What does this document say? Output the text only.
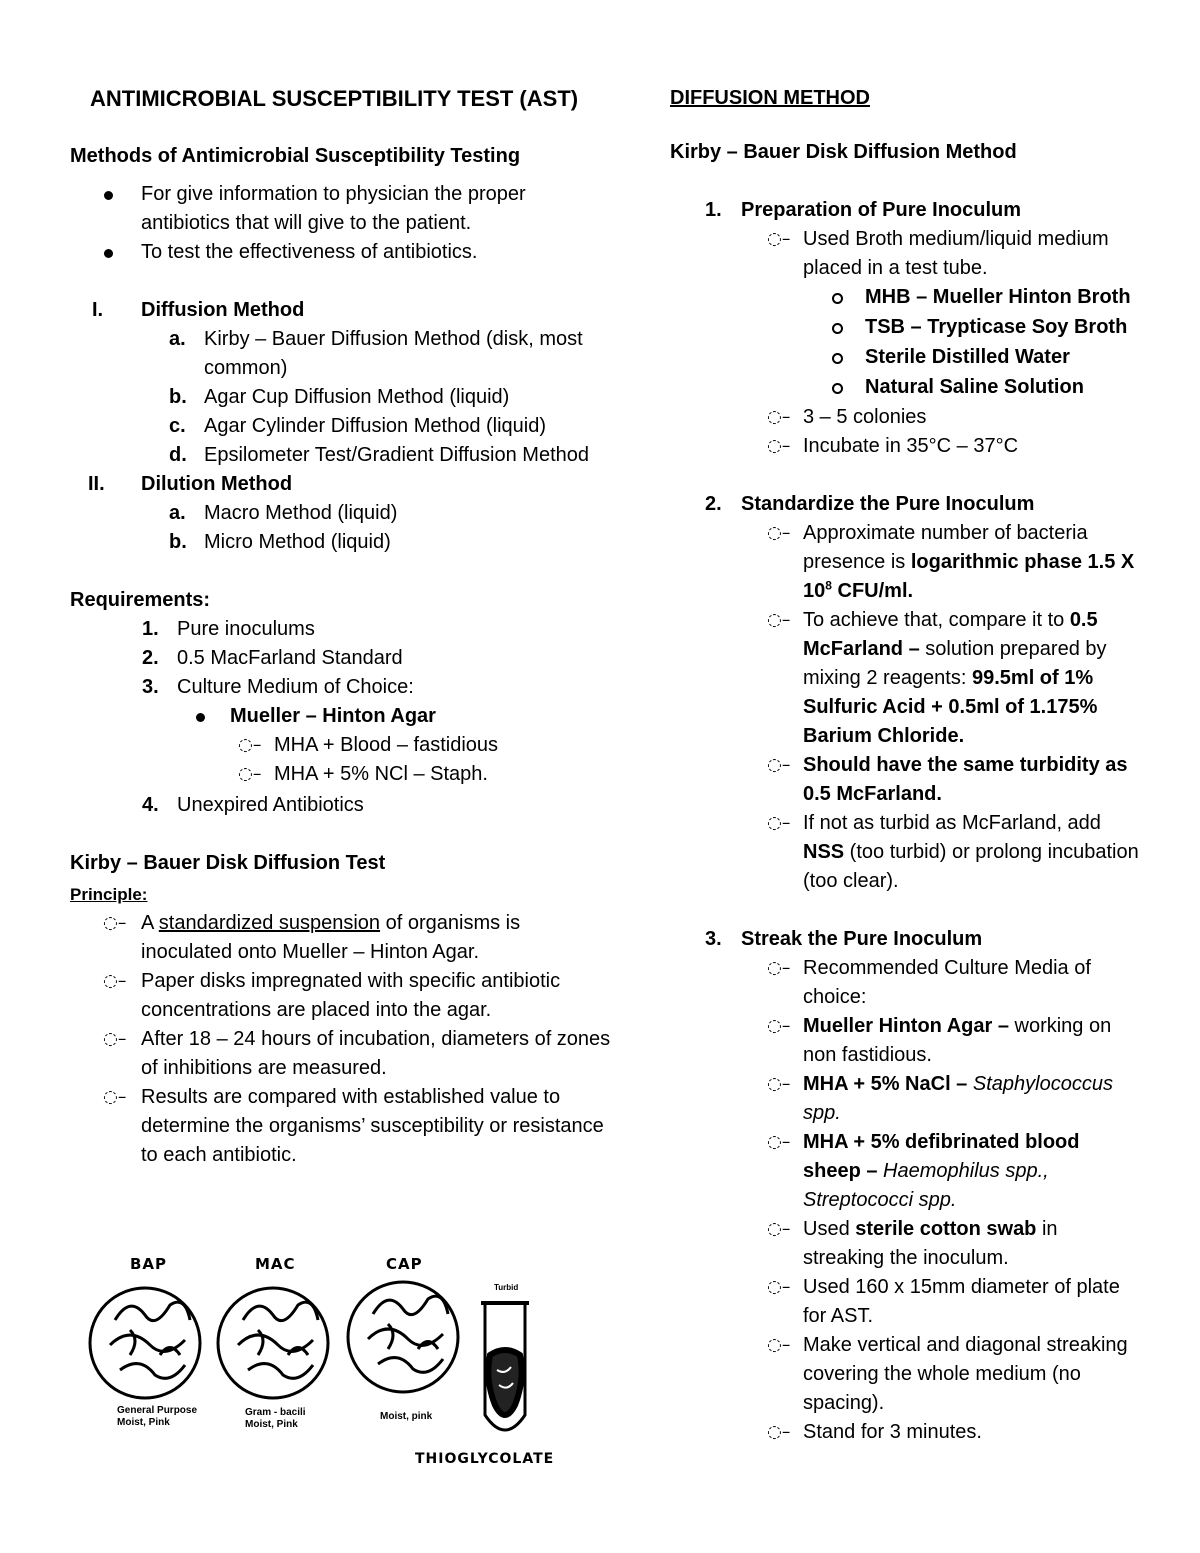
ANTIMICROBIAL SUSCEPTIBILITY TEST (AST)
Methods of Antimicrobial Susceptibility Testing
For give information to physician the proper antibiotics that will give to the patient.
To test the effectiveness of antibiotics.
I.	Diffusion Method
a. Kirby – Bauer Diffusion Method (disk, most common)
b. Agar Cup Diffusion Method (liquid)
c. Agar Cylinder Diffusion Method (liquid)
d. Epsilometer Test/Gradient Diffusion Method
II.	Dilution Method
a. Macro Method (liquid)
b. Micro Method (liquid)
Requirements:
1. Pure inoculums
2. 0.5 MacFarland Standard
3. Culture Medium of Choice:
Mueller – Hinton Agar
◌– MHA + Blood – fastidious
◌– MHA + 5% NCl – Staph.
4. Unexpired Antibiotics
Kirby – Bauer Disk Diffusion Test
Principle:
◌– A standardized suspension of organisms is inoculated onto Mueller – Hinton Agar.
◌– Paper disks impregnated with specific antibiotic concentrations are placed into the agar.
◌– After 18 – 24 hours of incubation, diameters of zones of inhibitions are measured.
◌– Results are compared with established value to determine the organisms’ susceptibility or resistance to each antibiotic.
BAP	MAC	CAP
Turbid
General Purpose
Moist, Pink
Gram - bacili
Moist, Pink
Moist, pink
THIOGLYCOLATE
DIFFUSION METHOD
Kirby – Bauer Disk Diffusion Method
1. Preparation of Pure Inoculum
◌– Used Broth medium/liquid medium placed in a test tube.
MHB – Mueller Hinton Broth
TSB – Trypticase Soy Broth
Sterile Distilled Water
Natural Saline Solution
◌– 3 – 5 colonies
◌– Incubate in 35°C – 37°C
2. Standardize the Pure Inoculum
◌– Approximate number of bacteria presence is logarithmic phase 1.5 X $10^8$ CFU/ml.
◌– To achieve that, compare it to 0.5 McFarland – solution prepared by mixing 2 reagents: 99.5ml of 1% Sulfuric Acid + 0.5ml of 1.175% Barium Chloride.
◌– Should have the same turbidity as 0.5 McFarland.
◌– If not as turbid as McFarland, add NSS (too turbid) or prolong incubation (too clear).
3. Streak the Pure Inoculum
◌– Recommended Culture Media of choice:
◌– Mueller Hinton Agar – working on non fastidious.
◌– MHA + 5% NaCl – Staphylococcus spp.
◌– MHA + 5% defibrinated blood sheep – Haemophilus spp., Streptococci spp.
◌– Used sterile cotton swab in streaking the inoculum.
◌– Used 160 x 15mm diameter of plate for AST.
◌– Make vertical and diagonal streaking covering the whole medium (no spacing).
◌– Stand for 3 minutes.
